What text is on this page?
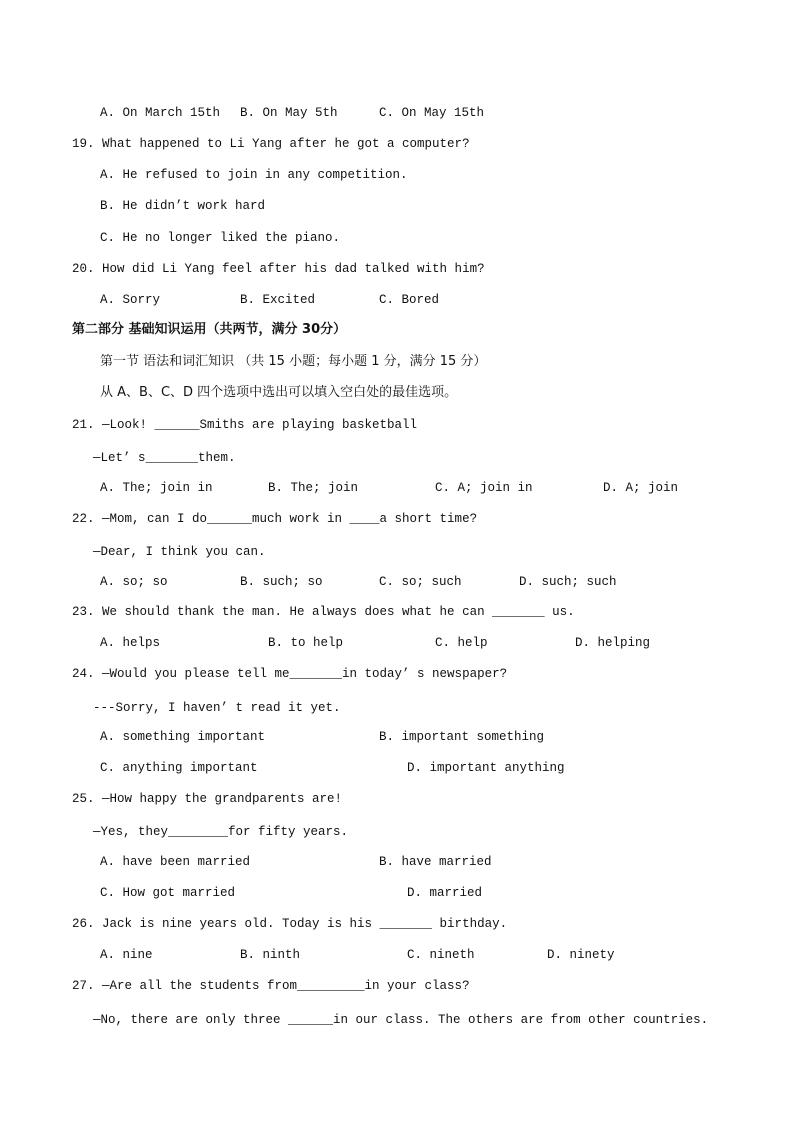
A. On March 15th B. On May 5th	C. On May 15th
19. What happened to Li Yang after he got a computer?
A. He refused to join in any competition.
B. He didn’t work hard
C. He no longer liked the piano.
20. How did Li Yang feel after his dad talked with him?
A. Sorry	B. Excited	C. Bored
第二部分 基础知识运用（共两节，满分 30分）
第一节 语法和词汇知识 （共 15 小题；每小题 1 分，满分 15 分）
从 A、B、C、D 四个选项中选出可以填入空白处的最佳选项。
21. —Look! ______Smiths are playing basketball
—Let’ s_______them.
A. The; join in	B. The; join	C. A; join in	D. A; join
22. —Mom, can I do______much work in ____a short time?
—Dear, I think you can.
A. so; so	B. such; so	C. so; such	D. such; such
23. We should thank the man. He always does what he can _______ us.
A. helps	B. to help	C. help	D. helping
24. —Would you please tell me_______in today’ s newspaper?
---Sorry, I haven’ t read it yet.
A. something important	B. important something
C. anything important	D. important anything
25. —How happy the grandparents are!
—Yes, they________for fifty years.
A. have been married	B. have married
C. How got married	D. married
26. Jack is nine years old. Today is his _______ birthday.
A. nine	B. ninth	C. nineth	D. ninety
27. —Are all the students from_________in your class?
—No, there are only three ______in our class. The others are from other countries.
